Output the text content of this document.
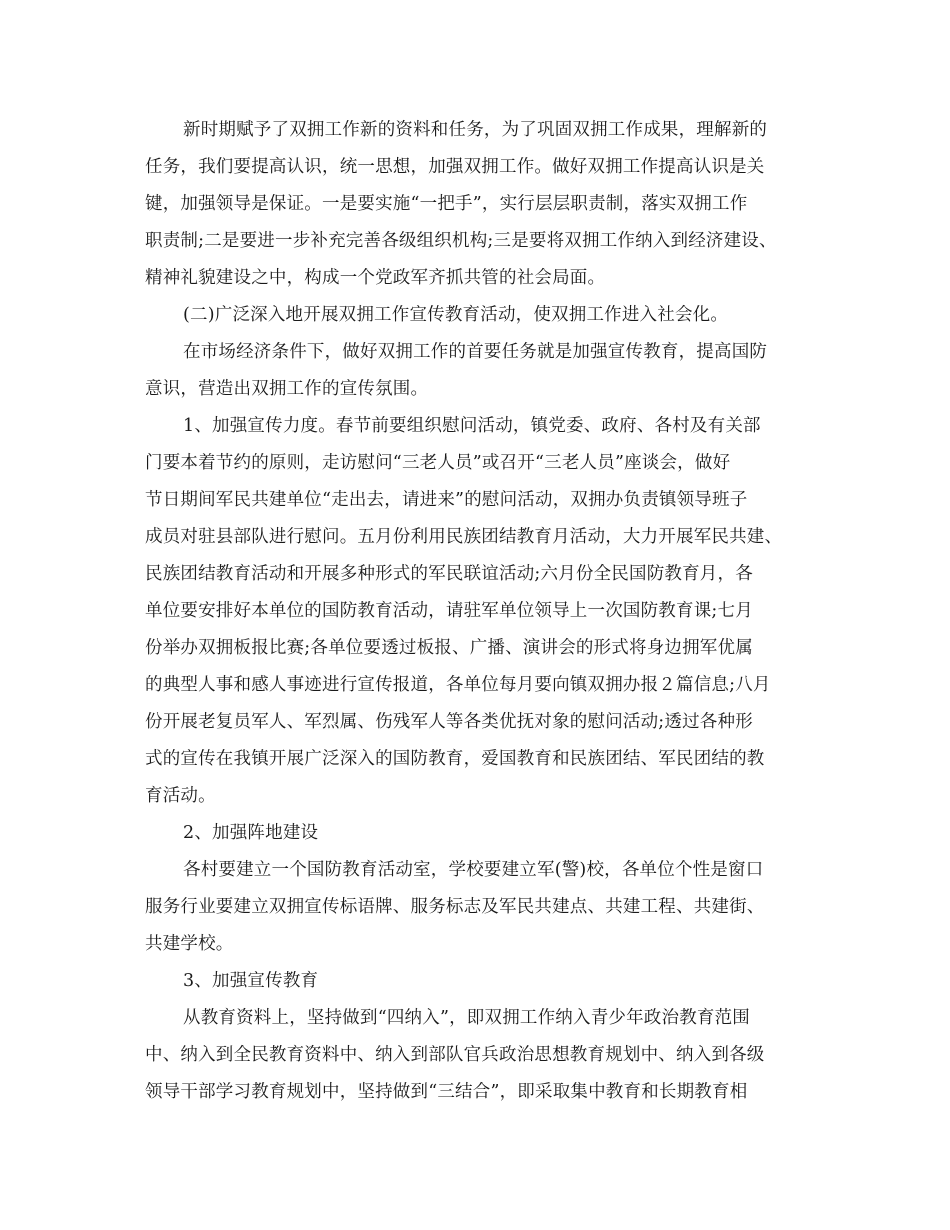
新时期赋予了双拥工作新的资料和任务，为了巩固双拥工作成果，理解新的
任务，我们要提高认识，统一思想，加强双拥工作。做好双拥工作提高认识是关
键，加强领导是保证。一是要实施“一把手”，实行层层职责制，落实双拥工作
职责制;二是要进一步补充完善各级组织机构;三是要将双拥工作纳入到经济建设、
精神礼貌建设之中，构成一个党政军齐抓共管的社会局面。
(二)广泛深入地开展双拥工作宣传教育活动，使双拥工作进入社会化。
在市场经济条件下，做好双拥工作的首要任务就是加强宣传教育，提高国防
意识，营造出双拥工作的宣传氛围。
1、加强宣传力度。春节前要组织慰问活动，镇党委、政府、各村及有关部
门要本着节约的原则，走访慰问“三老人员”或召开“三老人员”座谈会，做好
节日期间军民共建单位“走出去，请进来”的慰问活动，双拥办负责镇领导班子
成员对驻县部队进行慰问。五月份利用民族团结教育月活动，大力开展军民共建、
民族团结教育活动和开展多种形式的军民联谊活动;六月份全民国防教育月，各
单位要安排好本单位的国防教育活动，请驻军单位领导上一次国防教育课;七月
份举办双拥板报比赛;各单位要透过板报、广播、演讲会的形式将身边拥军优属
的典型人事和感人事迹进行宣传报道，各单位每月要向镇双拥办报２篇信息;八月
份开展老复员军人、军烈属、伤残军人等各类优抚对象的慰问活动;透过各种形
式的宣传在我镇开展广泛深入的国防教育，爱国教育和民族团结、军民团结的教
育活动。
2、加强阵地建设
各村要建立一个国防教育活动室，学校要建立军(警)校，各单位个性是窗口
服务行业要建立双拥宣传标语牌、服务标志及军民共建点、共建工程、共建街、
共建学校。
3、加强宣传教育
从教育资料上，坚持做到“四纳入”，即双拥工作纳入青少年政治教育范围
中、纳入到全民教育资料中、纳入到部队官兵政治思想教育规划中、纳入到各级
领导干部学习教育规划中，坚持做到“三结合”，即采取集中教育和长期教育相
